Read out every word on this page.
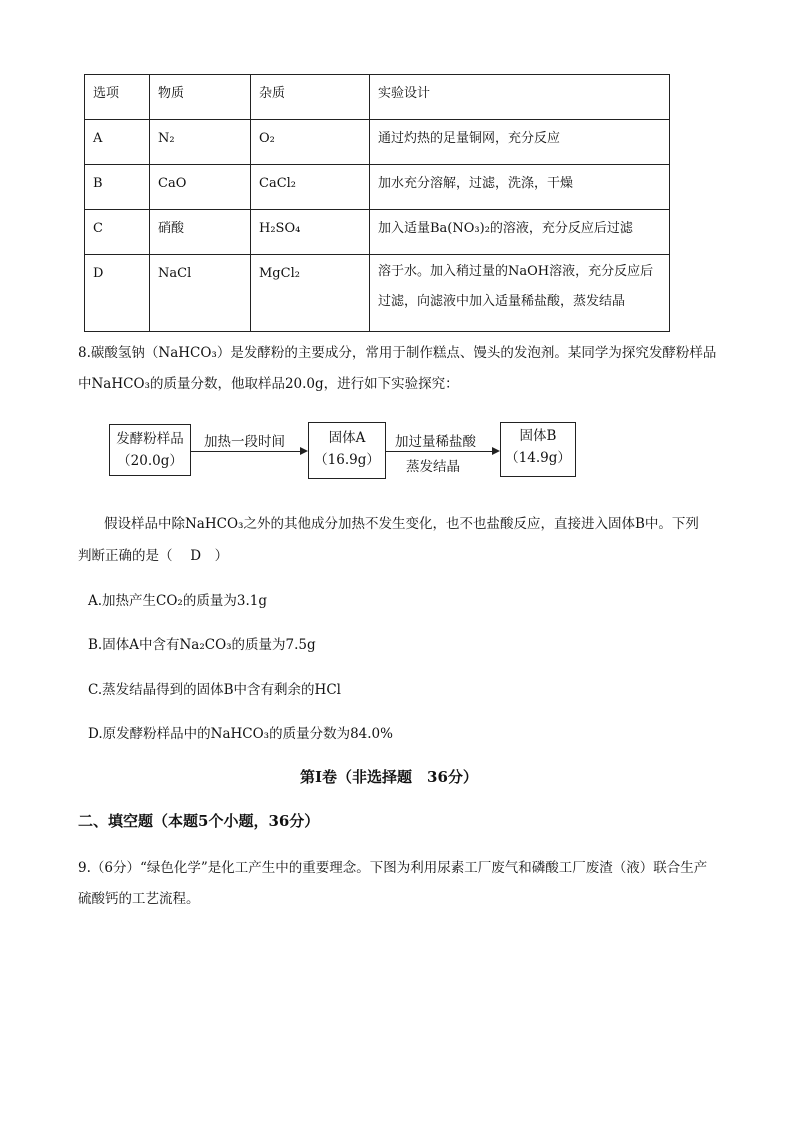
选项	物质	杂质	实验设计

A	N₂	O₂	通过灼热的足量铜网，充分反应

B	CaO	CaCl₂	加水充分溶解，过滤，洗涤，干燥

C	硝酸	H₂SO₄	加入适量Ba(NO₃)₂的溶液，充分反应后过滤

D	NaCl	MgCl₂	溶于水。加入稍过量的NaOH溶液，充分反应后
过滤，向滤液中加入适量稀盐酸，蒸发结晶
8.碳酸氢钠（NaHCO₃）是发酵粉的主要成分，常用于制作糕点、馒头的发泡剂。某同学为探究发酵粉样品
中NaHCO₃的质量分数，他取样品20.0g，进行如下实验探究：
发酵粉样品
（20.0g）
加热一段时间	固体A
（16.9g）
加过量稀盐酸
蒸发结晶
固体B
（14.9g）
假设样品中除NaHCO₃之外的其他成分加热不发生变化，也不也盐酸反应，直接进入固体B中。下列
判断正确的是（　 D　）
A.加热产生CO₂的质量为3.1g
B.固体A中含有Na₂CO₃的质量为7.5g
C.蒸发结晶得到的固体B中含有剩余的HCl
D.原发酵粉样品中的NaHCO₃的质量分数为84.0%
第Ⅰ卷（非选择题　36分）
二、填空题（本题5个小题，36分）
9.（6分）“绿色化学”是化工产生中的重要理念。下图为利用尿素工厂废气和磷酸工厂废渣（液）联合生产
硫酸钙的工艺流程。
